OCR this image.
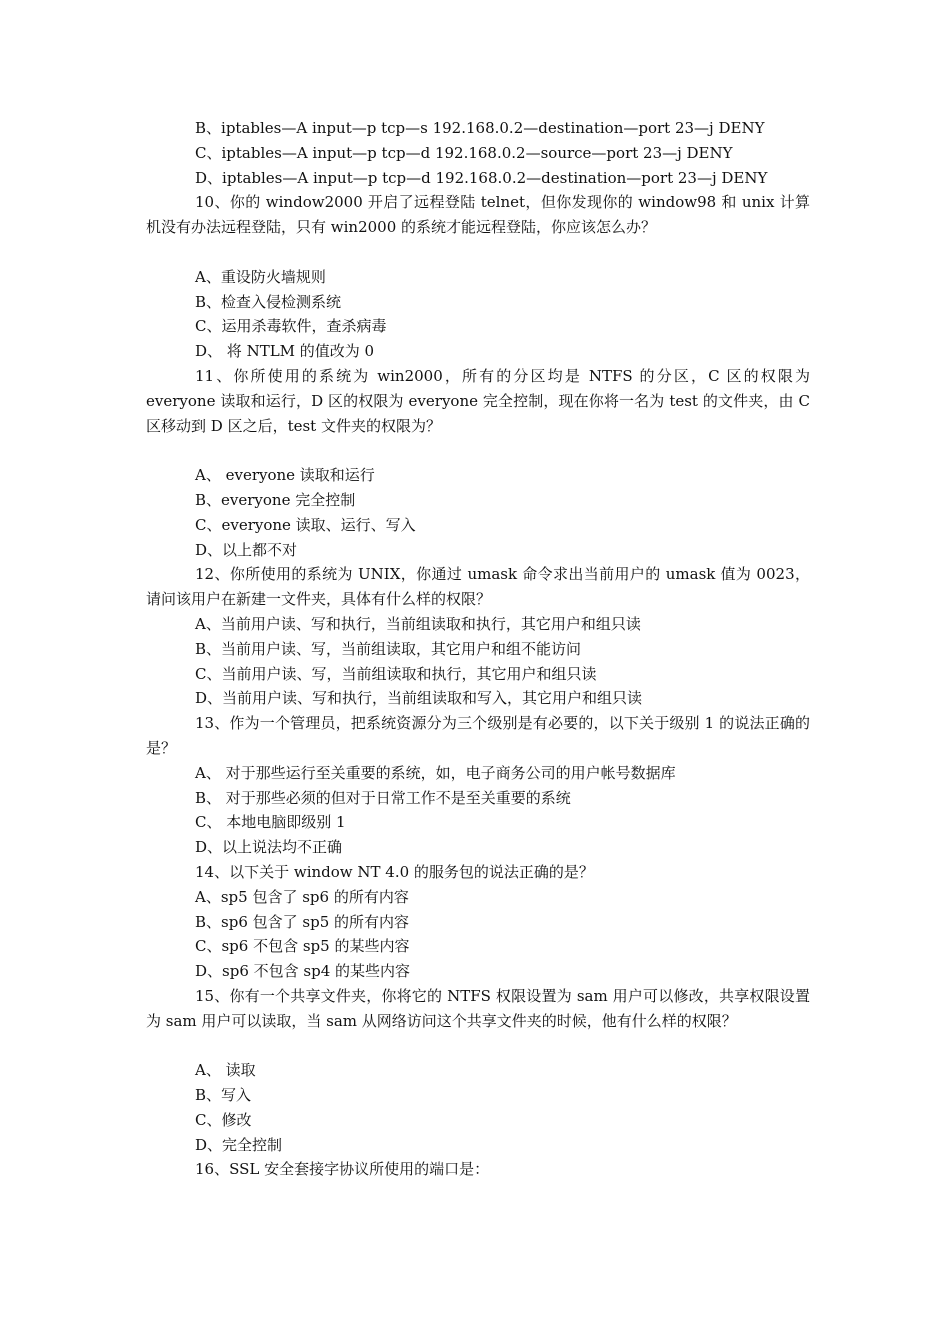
B、iptables—A input—p tcp—s 192.168.0.2—destination—port 23—j DENY
C、iptables—A input—p tcp—d 192.168.0.2—source—port 23—j DENY
D、iptables—A input—p tcp—d 192.168.0.2—destination—port 23—j DENY
10、你的 window2000 开启了远程登陆 telnet，但你发现你的 window98 和 unix 计算机没有办法远程登陆，只有 win2000 的系统才能远程登陆，你应该怎么办？
A、重设防火墙规则
B、检查入侵检测系统
C、运用杀毒软件，查杀病毒
D、 将 NTLM 的值改为 0
11、你所使用的系统为 win2000，所有的分区均是 NTFS 的分区，C 区的权限为 everyone 读取和运行，D 区的权限为 everyone 完全控制，现在你将一名为 test 的文件夹，由 C 区移动到 D 区之后，test 文件夹的权限为？
A、 everyone 读取和运行
B、everyone 完全控制
C、everyone 读取、运行、写入
D、以上都不对
12、你所使用的系统为 UNIX，你通过 umask 命令求出当前用户的 umask 值为 0023，请问该用户在新建一文件夹，具体有什么样的权限？
A、当前用户读、写和执行，当前组读取和执行，其它用户和组只读
B、当前用户读、写，当前组读取，其它用户和组不能访问
C、当前用户读、写，当前组读取和执行，其它用户和组只读
D、当前用户读、写和执行，当前组读取和写入，其它用户和组只读
13、作为一个管理员，把系统资源分为三个级别是有必要的，以下关于级别 1 的说法正确的是？
A、 对于那些运行至关重要的系统，如，电子商务公司的用户帐号数据库
B、 对于那些必须的但对于日常工作不是至关重要的系统
C、 本地电脑即级别 1
D、以上说法均不正确
14、以下关于 window NT 4.0 的服务包的说法正确的是？
A、sp5 包含了 sp6 的所有内容
B、sp6 包含了 sp5 的所有内容
C、sp6 不包含 sp5 的某些内容
D、sp6 不包含 sp4 的某些内容
15、你有一个共享文件夹，你将它的 NTFS 权限设置为 sam 用户可以修改，共享权限设置为 sam 用户可以读取，当 sam 从网络访问这个共享文件夹的时候，他有什么样的权限？
A、 读取
B、写入
C、修改
D、完全控制
16、SSL 安全套接字协议所使用的端口是：
